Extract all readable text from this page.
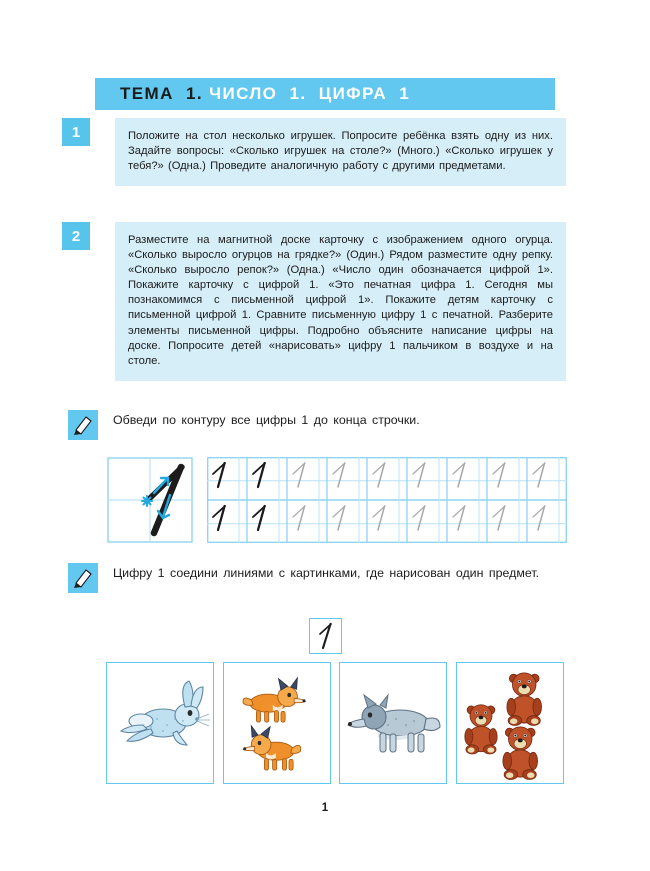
ТЕМА  1. ЧИСЛО  1.  ЦИФРА  1
1	Положите на стол несколько игрушек. Попросите ребёнка взять одну из них. Задайте вопросы: «Сколько игрушек на столе?» (Много.) «Сколько игрушек у тебя?» (Одна.) Проведите аналогичную работу с другими предметами.

2	Разместите на магнитной доске карточку с изображением одного огурца. «Сколько выросло огурцов на грядке?» (Один.) Рядом разместите одну репку. «Сколько выросло репок?» (Одна.) «Число один обозначается цифрой 1». Покажите карточку с цифрой 1. «Это печатная цифра 1. Сегодня мы познакомимся с письменной цифрой 1». Покажите детям карточку с письменной цифрой 1. Сравните письменную цифру 1 с печатной. Разберите элементы письменной цифры. Подробно объясните написание цифры на доске. Попросите детей «нарисовать» цифру 1 пальчиком в воздухе и на столе.

Обведи по контуру все цифры 1 до конца строчки.
Цифру 1 соедини линиями с картинками, где нарисован один предмет.
1
